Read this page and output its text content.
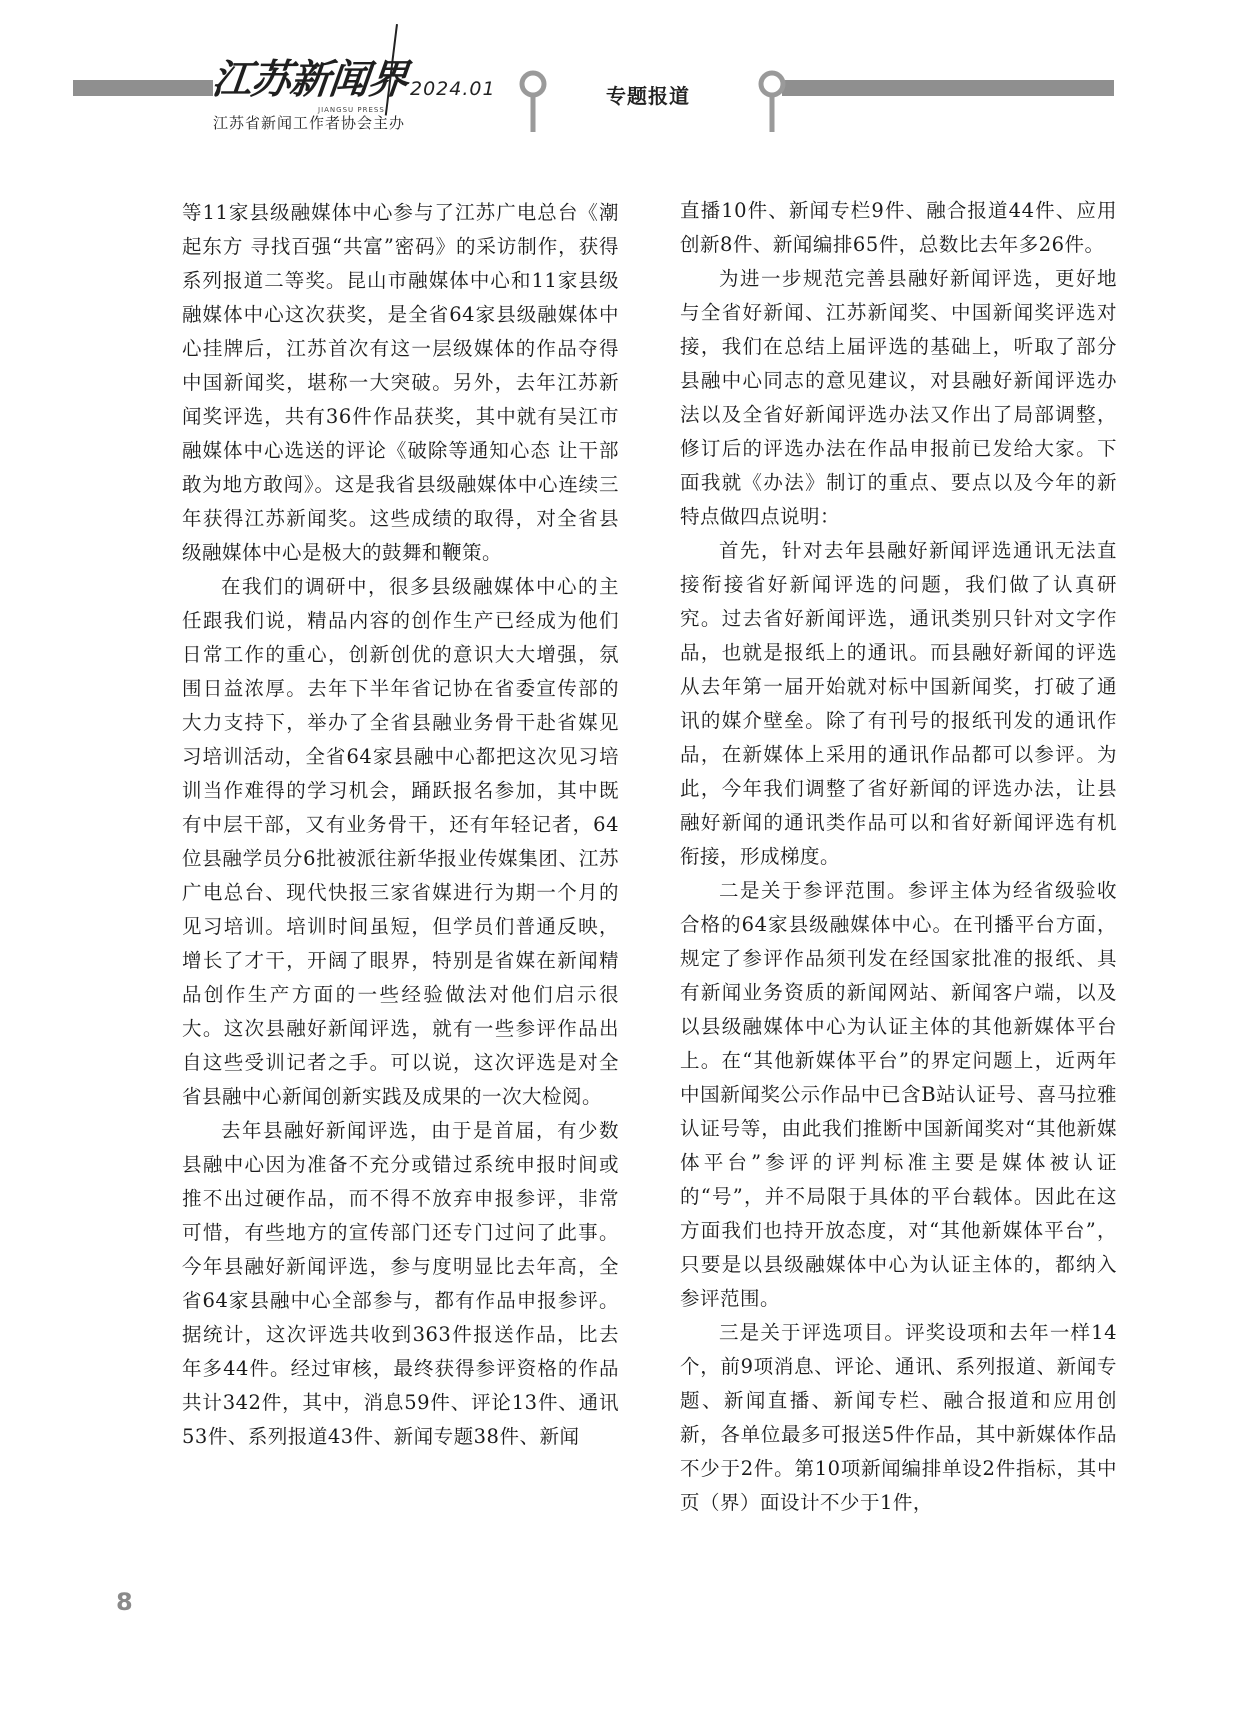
江苏新闻界
JIANGSU PRESS
2024.01
江苏省新闻工作者协会主办
专题报道

等11家县级融媒体中心参与了江苏广电总台《潮起东方 寻找百强“共富”密码》的采访制作，获得系列报道二等奖。昆山市融媒体中心和11家县级融媒体中心这次获奖，是全省64家县级融媒体中心挂牌后，江苏首次有这一层级媒体的作品夺得中国新闻奖，堪称一大突破。另外，去年江苏新闻奖评选，共有36件作品获奖，其中就有吴江市融媒体中心选送的评论《破除等通知心态 让干部敢为地方敢闯》。这是我省县级融媒体中心连续三年获得江苏新闻奖。这些成绩的取得，对全省县级融媒体中心是极大的鼓舞和鞭策。

在我们的调研中，很多县级融媒体中心的主任跟我们说，精品内容的创作生产已经成为他们日常工作的重心，创新创优的意识大大增强，氛围日益浓厚。去年下半年省记协在省委宣传部的大力支持下，举办了全省县融业务骨干赴省媒见习培训活动，全省64家县融中心都把这次见习培训当作难得的学习机会，踊跃报名参加，其中既有中层干部，又有业务骨干，还有年轻记者，64位县融学员分6批被派往新华报业传媒集团、江苏广电总台、现代快报三家省媒进行为期一个月的见习培训。培训时间虽短，但学员们普通反映，增长了才干，开阔了眼界，特别是省媒在新闻精品创作生产方面的一些经验做法对他们启示很大。这次县融好新闻评选，就有一些参评作品出自这些受训记者之手。可以说，这次评选是对全省县融中心新闻创新实践及成果的一次大检阅。

去年县融好新闻评选，由于是首届，有少数县融中心因为准备不充分或错过系统申报时间或推不出过硬作品，而不得不放弃申报参评，非常可惜，有些地方的宣传部门还专门过问了此事。今年县融好新闻评选，参与度明显比去年高，全省64家县融中心全部参与，都有作品申报参评。据统计，这次评选共收到363件报送作品，比去年多44件。经过审核，最终获得参评资格的作品共计342件，其中，消息59件、评论13件、通讯53件、系列报道43件、新闻专题38件、新闻

直播10件、新闻专栏9件、融合报道44件、应用创新8件、新闻编排65件，总数比去年多26件。

为进一步规范完善县融好新闻评选，更好地与全省好新闻、江苏新闻奖、中国新闻奖评选对接，我们在总结上届评选的基础上，听取了部分县融中心同志的意见建议，对县融好新闻评选办法以及全省好新闻评选办法又作出了局部调整，修订后的评选办法在作品申报前已发给大家。下面我就《办法》制订的重点、要点以及今年的新特点做四点说明：

首先，针对去年县融好新闻评选通讯无法直接衔接省好新闻评选的问题，我们做了认真研究。过去省好新闻评选，通讯类别只针对文字作品，也就是报纸上的通讯。而县融好新闻的评选从去年第一届开始就对标中国新闻奖，打破了通讯的媒介壁垒。除了有刊号的报纸刊发的通讯作品，在新媒体上采用的通讯作品都可以参评。为此，今年我们调整了省好新闻的评选办法，让县融好新闻的通讯类作品可以和省好新闻评选有机衔接，形成梯度。

二是关于参评范围。参评主体为经省级验收合格的64家县级融媒体中心。在刊播平台方面，规定了参评作品须刊发在经国家批准的报纸、具有新闻业务资质的新闻网站、新闻客户端，以及以县级融媒体中心为认证主体的其他新媒体平台上。在“其他新媒体平台”的界定问题上，近两年中国新闻奖公示作品中已含B站认证号、喜马拉雅认证号等，由此我们推断中国新闻奖对“其他新媒体平台”参评的评判标准主要是媒体被认证的“号”，并不局限于具体的平台载体。因此在这方面我们也持开放态度，对“其他新媒体平台”，只要是以县级融媒体中心为认证主体的，都纳入参评范围。

三是关于评选项目。评奖设项和去年一样14个，前9项消息、评论、通讯、系列报道、新闻专题、新闻直播、新闻专栏、融合报道和应用创新，各单位最多可报送5件作品，其中新媒体作品不少于2件。第10项新闻编排单设2件指标，其中页（界）面设计不少于1件，

8
